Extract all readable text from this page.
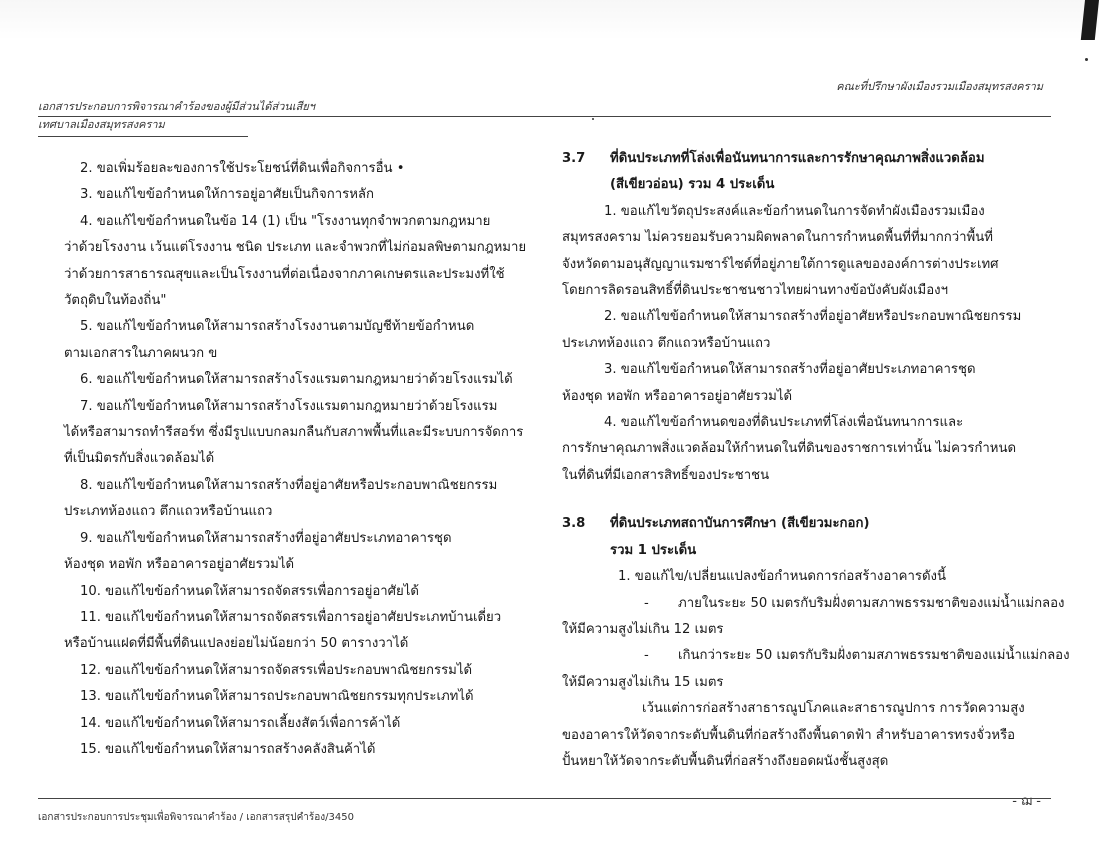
คณะที่ปรึกษาผังเมืองรวมเมืองสมุทรสงคราม
เอกสารประกอบการพิจารณาคำร้องของผู้มีส่วนได้ส่วนเสียฯ
เทศบาลเมืองสมุทรสงคราม

2. ขอเพิ่มร้อยละของการใช้ประโยชน์ที่ดินเพื่อกิจการอื่น •

3. ขอแก้ไขข้อกำหนดให้การอยู่อาศัยเป็นกิจการหลัก

4. ขอแก้ไขข้อกำหนดในข้อ 14 (1) เป็น "โรงงานทุกจำพวกตามกฎหมาย

ว่าด้วยโรงงาน เว้นแต่โรงงาน ชนิด ประเภท และจำพวกที่ไม่ก่อมลพิษตามกฎหมาย

ว่าด้วยการสาธารณสุขและเป็นโรงงานที่ต่อเนื่องจากภาคเกษตรและประมงที่ใช้

วัตถุดิบในท้องถิ่น"

5. ขอแก้ไขข้อกำหนดให้สามารถสร้างโรงงานตามบัญชีท้ายข้อกำหนด

ตามเอกสารในภาคผนวก ข

6. ขอแก้ไขข้อกำหนดให้สามารถสร้างโรงแรมตามกฎหมายว่าด้วยโรงแรมได้

7. ขอแก้ไขข้อกำหนดให้สามารถสร้างโรงแรมตามกฎหมายว่าด้วยโรงแรม

ได้หรือสามารถทำรีสอร์ท ซึ่งมีรูปแบบกลมกลืนกับสภาพพื้นที่และมีระบบการจัดการ

ที่เป็นมิตรกับสิ่งแวดล้อมได้

8. ขอแก้ไขข้อกำหนดให้สามารถสร้างที่อยู่อาศัยหรือประกอบพาณิชยกรรม

ประเภทห้องแถว ตึกแถวหรือบ้านแถว

9. ขอแก้ไขข้อกำหนดให้สามารถสร้างที่อยู่อาศัยประเภทอาคารชุด

ห้องชุด หอพัก หรืออาคารอยู่อาศัยรวมได้

10. ขอแก้ไขข้อกำหนดให้สามารถจัดสรรเพื่อการอยู่อาศัยได้

11. ขอแก้ไขข้อกำหนดให้สามารถจัดสรรเพื่อการอยู่อาศัยประเภทบ้านเดี่ยว

หรือบ้านแฝดที่มีพื้นที่ดินแปลงย่อยไม่น้อยกว่า 50 ตารางวาได้

12. ขอแก้ไขข้อกำหนดให้สามารถจัดสรรเพื่อประกอบพาณิชยกรรมได้

13. ขอแก้ไขข้อกำหนดให้สามารถประกอบพาณิชยกรรมทุกประเภทได้

14. ขอแก้ไขข้อกำหนดให้สามารถเลี้ยงสัตว์เพื่อการค้าได้

15. ขอแก้ไขข้อกำหนดให้สามารถสร้างคลังสินค้าได้

3.7	ที่ดินประเภทที่โล่งเพื่อนันทนาการและการรักษาคุณภาพสิ่งแวดล้อม
(สีเขียวอ่อน) รวม 4 ประเด็น

1. ขอแก้ไขวัตถุประสงค์และข้อกำหนดในการจัดทำผังเมืองรวมเมือง

สมุทรสงคราม ไม่ควรยอมรับความผิดพลาดในการกำหนดพื้นที่ที่มากกว่าพื้นที่

จังหวัดตามอนุสัญญาแรมซาร์ไซต์ที่อยู่ภายใต้การดูแลขององค์การต่างประเทศ

โดยการลิดรอนสิทธิ์ที่ดินประชาชนชาวไทยผ่านทางข้อบังคับผังเมืองฯ

2. ขอแก้ไขข้อกำหนดให้สามารถสร้างที่อยู่อาศัยหรือประกอบพาณิชยกรรม

ประเภทห้องแถว ตึกแถวหรือบ้านแถว

3. ขอแก้ไขข้อกำหนดให้สามารถสร้างที่อยู่อาศัยประเภทอาคารชุด

ห้องชุด หอพัก หรืออาคารอยู่อาศัยรวมได้

4. ขอแก้ไขข้อกำหนดของที่ดินประเภทที่โล่งเพื่อนันทนาการและ

การรักษาคุณภาพสิ่งแวดล้อมให้กำหนดในที่ดินของราชการเท่านั้น ไม่ควรกำหนด

ในที่ดินที่มีเอกสารสิทธิ์ของประชาชน

3.8	ที่ดินประเภทสถาบันการศึกษา (สีเขียวมะกอก)
รวม 1 ประเด็น

1. ขอแก้ไข/เปลี่ยนแปลงข้อกำหนดการก่อสร้างอาคารดังนี้

-	ภายในระยะ 50 เมตรกับริมฝั่งตามสภาพธรรมชาติของแม่น้ำแม่กลอง

ให้มีความสูงไม่เกิน 12 เมตร

-	เกินกว่าระยะ 50 เมตรกับริมฝั่งตามสภาพธรรมชาติของแม่น้ำแม่กลอง

ให้มีความสูงไม่เกิน 15 เมตร

เว้นแต่การก่อสร้างสาธารณูปโภคและสาธารณูปการ การวัดความสูง

ของอาคารให้วัดจากระดับพื้นดินที่ก่อสร้างถึงพื้นดาดฟ้า สำหรับอาคารทรงจั่วหรือ

ปั้นหยาให้วัดจากระดับพื้นดินที่ก่อสร้างถึงยอดผนังชั้นสูงสุด

- ฌ -
เอกสารประกอบการประชุมเพื่อพิจารณาคำร้อง / เอกสารสรุปคำร้อง/3450
